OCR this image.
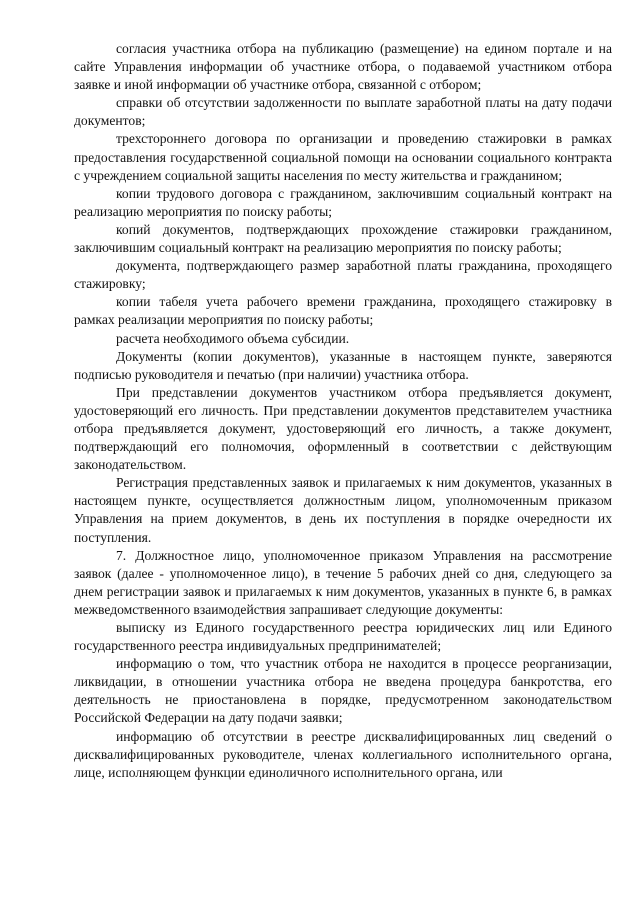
согласия участника отбора на публикацию (размещение) на едином портале и на сайте Управления информации об участнике отбора, о подаваемой участником отбора заявке и иной информации об участнике отбора, связанной с отбором;

справки об отсутствии задолженности по выплате заработной платы на дату подачи документов;

трехстороннего договора по организации и проведению стажировки в рамках предоставления государственной социальной помощи на основании социального контракта с учреждением социальной защиты населения по месту жительства и гражданином;

копии трудового договора с гражданином, заключившим социальный контракт на реализацию мероприятия по поиску работы;

копий документов, подтверждающих прохождение стажировки гражданином, заключившим социальный контракт на реализацию мероприятия по поиску работы;

документа, подтверждающего размер заработной платы гражданина, проходящего стажировку;

копии табеля учета рабочего времени гражданина, проходящего стажировку в рамках реализации мероприятия по поиску работы;

расчета необходимого объема субсидии.

Документы (копии документов), указанные в настоящем пункте, заверяются подписью руководителя и печатью (при наличии) участника отбора.

При представлении документов участником отбора предъявляется документ, удостоверяющий его личность. При представлении документов представителем участника отбора предъявляется документ, удостоверяющий его личность, а также документ, подтверждающий его полномочия, оформленный в соответствии с действующим законодательством.

Регистрация представленных заявок и прилагаемых к ним документов, указанных в настоящем пункте, осуществляется должностным лицом, уполномоченным приказом Управления на прием документов, в день их поступления в порядке очередности их поступления.

7. Должностное лицо, уполномоченное приказом Управления на рассмотрение заявок (далее - уполномоченное лицо), в течение 5 рабочих дней со дня, следующего за днем регистрации заявок и прилагаемых к ним документов, указанных в пункте 6, в рамках межведомственного взаимодействия запрашивает следующие документы:

выписку из Единого государственного реестра юридических лиц или Единого государственного реестра индивидуальных предпринимателей;

информацию о том, что участник отбора не находится в процессе реорганизации, ликвидации, в отношении участника отбора не введена процедура банкротства, его деятельность не приостановлена в порядке, предусмотренном законодательством Российской Федерации на дату подачи заявки;

информацию об отсутствии в реестре дисквалифицированных лиц сведений о дисквалифицированных руководителе, членах коллегиального исполнительного органа, лице, исполняющем функции единоличного исполнительного органа, или
